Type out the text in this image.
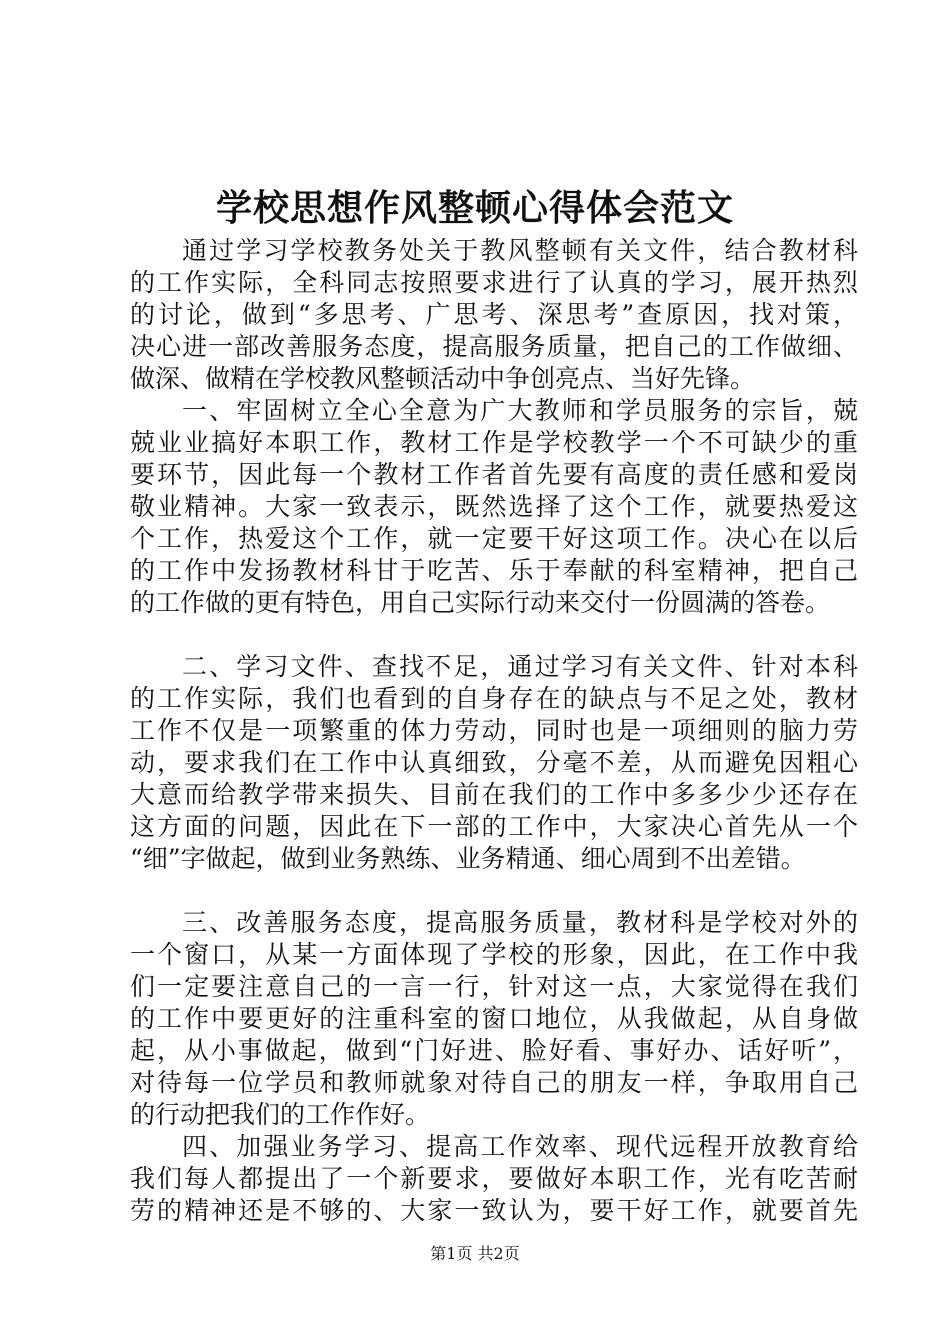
学校思想作风整顿心得体会范文
通过学习学校教务处关于教风整顿有关文件，结合教材科
的工作实际，全科同志按照要求进行了认真的学习，展开热烈
的讨论，做到“多思考、广思考、深思考”查原因，找对策，
决心进一部改善服务态度，提高服务质量，把自己的工作做细、
做深、做精在学校教风整顿活动中争创亮点、当好先锋。
一、牢固树立全心全意为广大教师和学员服务的宗旨，兢
兢业业搞好本职工作，教材工作是学校教学一个不可缺少的重
要环节，因此每一个教材工作者首先要有高度的责任感和爱岗
敬业精神。大家一致表示，既然选择了这个工作，就要热爱这
个工作，热爱这个工作，就一定要干好这项工作。决心在以后
的工作中发扬教材科甘于吃苦、乐于奉献的科室精神，把自己
的工作做的更有特色，用自己实际行动来交付一份圆满的答卷。
二、学习文件、查找不足，通过学习有关文件、针对本科
的工作实际，我们也看到的自身存在的缺点与不足之处，教材
工作不仅是一项繁重的体力劳动，同时也是一项细则的脑力劳
动，要求我们在工作中认真细致，分毫不差，从而避免因粗心
大意而给教学带来损失、目前在我们的工作中多多少少还存在
这方面的问题，因此在下一部的工作中，大家决心首先从一个
“细”字做起，做到业务熟练、业务精通、细心周到不出差错。
三、改善服务态度，提高服务质量，教材科是学校对外的
一个窗口，从某一方面体现了学校的形象，因此，在工作中我
们一定要注意自己的一言一行，针对这一点，大家觉得在我们
的工作中要更好的注重科室的窗口地位，从我做起，从自身做
起，从小事做起，做到“门好进、脸好看、事好办、话好听”，
对待每一位学员和教师就象对待自己的朋友一样，争取用自己
的行动把我们的工作作好。
四、加强业务学习、提高工作效率、现代远程开放教育给
我们每人都提出了一个新要求，要做好本职工作，光有吃苦耐
劳的精神还是不够的、大家一致认为，要干好工作，就要首先
第1页 共2页
